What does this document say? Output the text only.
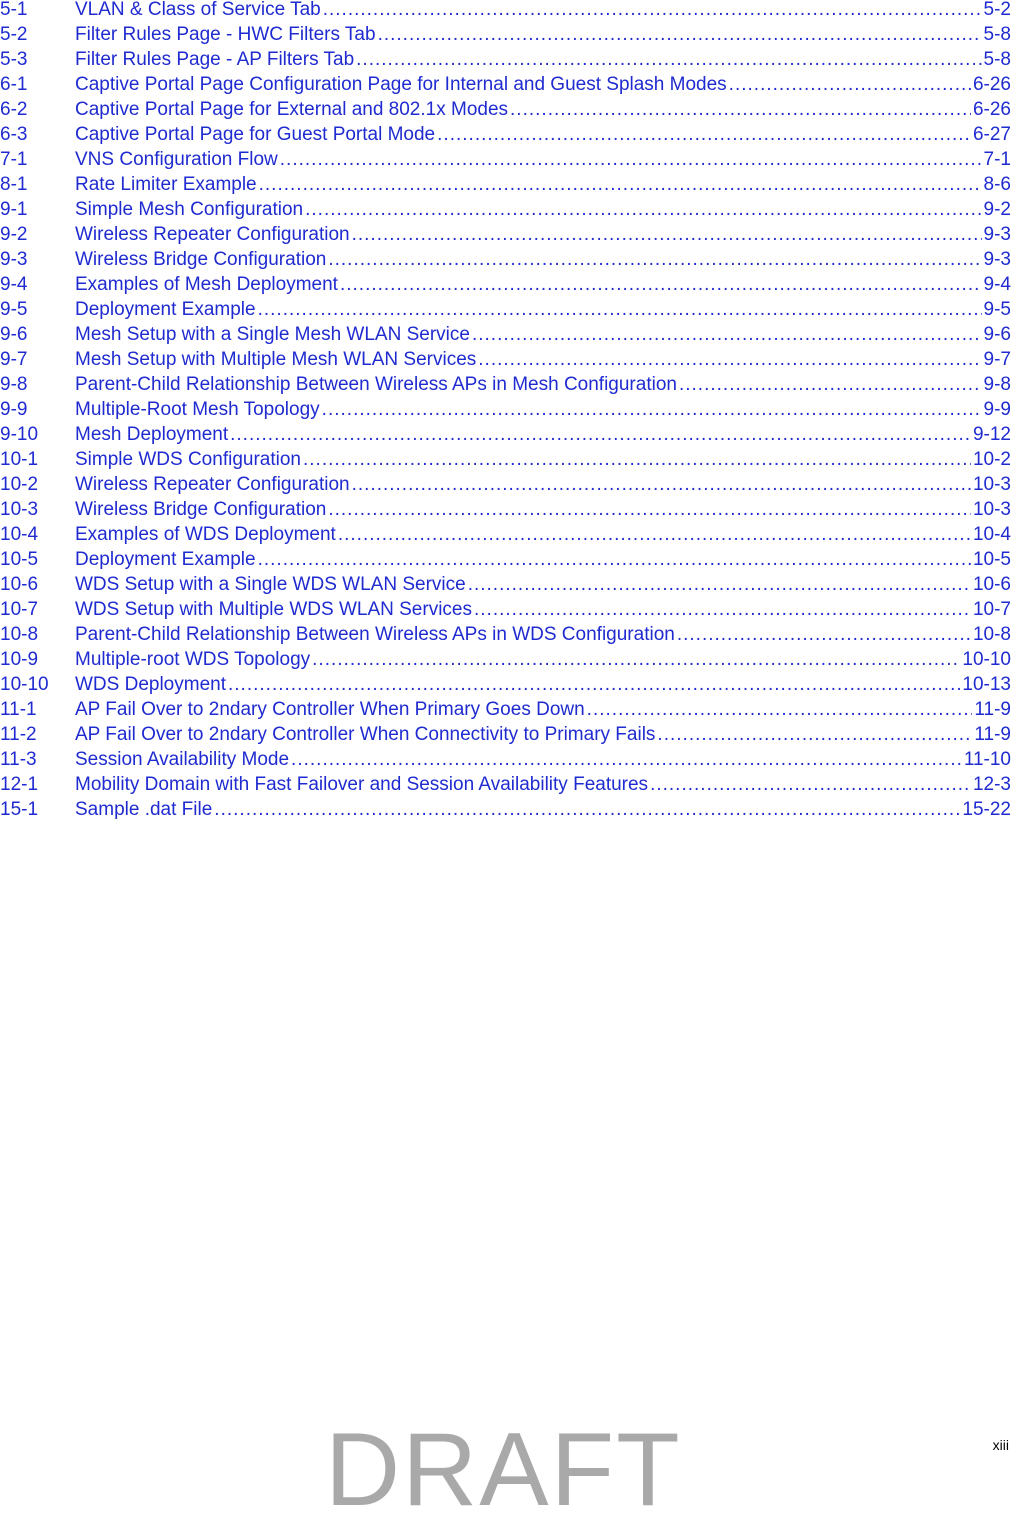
5-1	VLAN & Class of Service Tab .....	5-2
5-2	Filter Rules Page - HWC Filters Tab .....	5-8
5-3	Filter Rules Page - AP Filters Tab .....	5-8
6-1	Captive Portal Page Configuration Page for Internal and Guest Splash Modes .....	6-26
6-2	Captive Portal Page for External and 802.1x Modes .....	6-26
6-3	Captive Portal Page for Guest Portal Mode .....	6-27
7-1	VNS Configuration Flow .....	7-1
8-1	Rate Limiter Example .....	8-6
9-1	Simple Mesh Configuration .....	9-2
9-2	Wireless Repeater Configuration .....	9-3
9-3	Wireless Bridge Configuration .....	9-3
9-4	Examples of Mesh Deployment .....	9-4
9-5	Deployment Example .....	9-5
9-6	Mesh Setup with a Single Mesh WLAN Service .....	9-6
9-7	Mesh Setup with Multiple Mesh WLAN Services .....	9-7
9-8	Parent-Child Relationship Between Wireless APs in Mesh Configuration .....	9-8
9-9	Multiple-Root Mesh Topology .....	9-9
9-10 Mesh Deployment .....	9-12
10-1 Simple WDS Configuration .....	10-2
10-2 Wireless Repeater Configuration .....	10-3
10-3 Wireless Bridge Configuration .....	10-3
10-4 Examples of WDS Deployment .....	10-4
10-5 Deployment Example .....	10-5
10-6 WDS Setup with a Single WDS WLAN Service .....	10-6
10-7 WDS Setup with Multiple WDS WLAN Services .....	10-7
10-8 Parent-Child Relationship Between Wireless APs in WDS Configuration .....	10-8
10-9 Multiple-root WDS Topology .....	10-10
10-10 WDS Deployment .....	10-13
11-1 AP Fail Over to 2ndary Controller When Primary Goes Down .....	11-9
11-2 AP Fail Over to 2ndary Controller When Connectivity to Primary Fails .....	11-9
11-3 Session Availability Mode .....	11-10
12-1 Mobility Domain with Fast Failover and Session Availability Features .....	12-3
15-1 Sample .dat File .....	15-22
xiii
DRAFT
